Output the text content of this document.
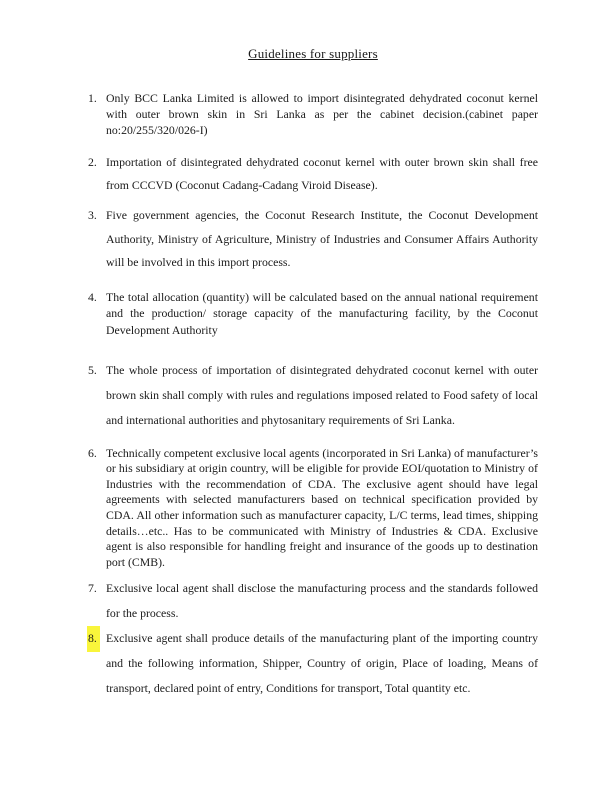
Guidelines for suppliers
1. Only BCC Lanka Limited is allowed to import disintegrated dehydrated coconut kernel with outer brown skin in Sri Lanka as per the cabinet decision.(cabinet paper no:20/255/320/026-I)
2. Importation of disintegrated dehydrated coconut kernel with outer brown skin shall free from CCCVD (Coconut Cadang-Cadang Viroid Disease).
3. Five government agencies, the Coconut Research Institute, the Coconut Development Authority, Ministry of Agriculture, Ministry of Industries and Consumer Affairs Authority will be involved in this import process.
4. The total allocation (quantity) will be calculated based on the annual national requirement and the production/ storage capacity of the manufacturing facility, by the Coconut Development Authority
5. The whole process of importation of disintegrated dehydrated coconut kernel with outer brown skin shall comply with rules and regulations imposed related to Food safety of local and international authorities and phytosanitary requirements of Sri Lanka.
6. Technically competent exclusive local agents (incorporated in Sri Lanka) of manufacturer’s or his subsidiary at origin country, will be eligible for provide EOI/quotation to Ministry of Industries with the recommendation of CDA. The exclusive agent should have legal agreements with selected manufacturers based on technical specification provided by CDA. All other information such as manufacturer capacity, L/C terms, lead times, shipping details…etc.. Has to be communicated with Ministry of Industries & CDA. Exclusive agent is also responsible for handling freight and insurance of the goods up to destination port (CMB).
7. Exclusive local agent shall disclose the manufacturing process and the standards followed for the process.
8. Exclusive agent shall produce details of the manufacturing plant of the importing country and the following information, Shipper, Country of origin, Place of loading, Means of transport, declared point of entry, Conditions for transport, Total quantity etc.
